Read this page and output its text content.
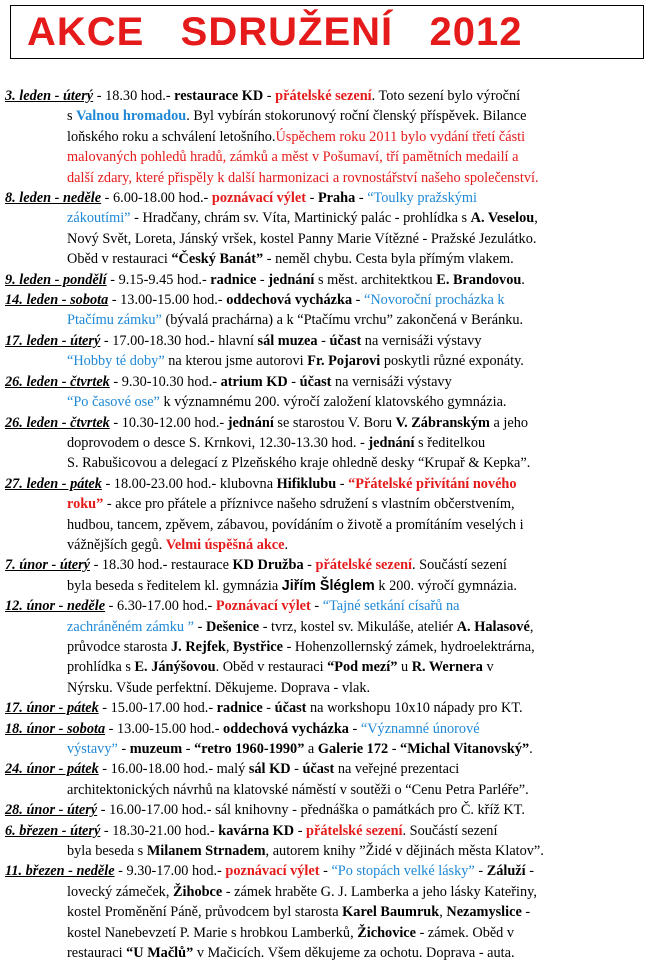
AKCE   SDRUŽENÍ   2012
3. leden - úterý - 18.30 hod.- restaurace KD - přátelské sezení. Toto sezení bylo výroční
s Valnou hromadou. Byl vybírán stokorunový roční členský příspěvek. Bilance
loňského roku a schválení letošního.Úspěchem roku 2011 bylo vydání třetí části
malovaných pohledů hradů, zámků a měst v Pošumaví, tří pamětních medailí a
další zdary, které přispěly k další harmonizaci a rovnostářství našeho společenství.
8. leden - neděle - 6.00-18.00 hod.- poznávací výlet - Praha - “Toulky pražskými
zákoutími” - Hradčany, chrám sv. Víta, Martinický palác - prohlídka s A. Veselou,
Nový Svět, Loreta, Jánský vršek, kostel Panny Marie Vítězné - Pražské Jezulátko.
Oběd v restauraci “Český Banát” - neměl chybu. Cesta byla přímým vlakem.
9. leden - pondělí - 9.15-9.45 hod.- radnice - jednání s měst. architektkou E. Brandovou.
14. leden - sobota - 13.00-15.00 hod.- oddechová vycházka - “Novoroční procházka k
Ptačímu zámku” (bývalá prachárna) a k “Ptačímu vrchu” zakončená v Beránku.
17. leden - úterý - 17.00-18.30 hod.- hlavní sál muzea - účast na vernisáži výstavy
“Hobby té doby” na kterou jsme autorovi Fr. Pojarovi poskytli různé exponáty.
26. leden - čtvrtek - 9.30-10.30 hod.- atrium KD - účast na vernisáži výstavy
“Po časové ose” k významnému 200. výročí založení klatovského gymnázia.
26. leden - čtvrtek - 10.30-12.00 hod.- jednání se starostou V. Boru V. Zábranským a jeho
doprovodem o desce S. Krnkovi, 12.30-13.30 hod. - jednání s ředitelkou
S. Rabušicovou a delegací z Plzeňského kraje ohledně desky “Krupař & Kepka”.
27. leden - pátek - 18.00-23.00 hod.- klubovna Hifiklubu - “Přátelské přivítání nového
roku” - akce pro přátele a příznivce našeho sdružení s vlastním občerstvením,
hudbou, tancem, zpěvem, zábavou, povídáním o životě a promítáním veselých i
vážnějších gegů. Velmi úspěšná akce.
7. únor - úterý - 18.30 hod.- restaurace KD Družba - přátelské sezení. Součástí sezení
byla beseda s ředitelem kl. gymnázia Jiřím Šléglem k 200. výročí gymnázia.
12. únor - neděle - 6.30-17.00 hod.- Poznávací výlet - “Tajné setkání císařů na
zachráněném zámku ” - Dešenice - tvrz, kostel sv. Mikuláše, ateliér A. Halasové,
průvodce starosta J. Rejfek, Bystřice - Hohenzollernský zámek, hydroelektrárna,
prohlídka s E. Jánýšovou. Oběd v restauraci “Pod mezí” u R. Wernera v
Nýrsku. Všude perfektní. Děkujeme. Doprava - vlak.
17. únor - pátek - 15.00-17.00 hod.- radnice - účast na workshopu 10x10 nápady pro KT.
18. únor - sobota - 13.00-15.00 hod.- oddechová vycházka - “Významné únorové
výstavy” - muzeum - “retro 1960-1990” a Galerie 172 - “Michal Vitanovský”.
24. únor - pátek - 16.00-18.00 hod.- malý sál KD - účast na veřejné prezentaci
architektonických návrhů na klatovské náměstí v soutěži o “Cenu Petra Parléře”.
28. únor - úterý - 16.00-17.00 hod.- sál knihovny - přednáška o památkách pro Č. kříž KT.
6. březen - úterý - 18.30-21.00 hod.- kavárna KD - přátelské sezení. Součástí sezení
byla beseda s Milanem Strnadem, autorem knihy ”Židé v dějinách města Klatov”.
11. březen - neděle - 9.30-17.00 hod.- poznávací výlet - “Po stopách velké lásky” - Záluží -
lovecký zámeček, Žihobce - zámek hraběte G. J. Lamberka a jeho lásky Kateřiny,
kostel Proměnění Páně, průvodcem byl starosta Karel Baumruk, Nezamyslice -
kostel Nanebevzetí P. Marie s hrobkou Lamberků, Žichovice - zámek. Oběd v
restauraci “U Mačlů” v Mačicích. Všem děkujeme za ochotu. Doprava - auta.
